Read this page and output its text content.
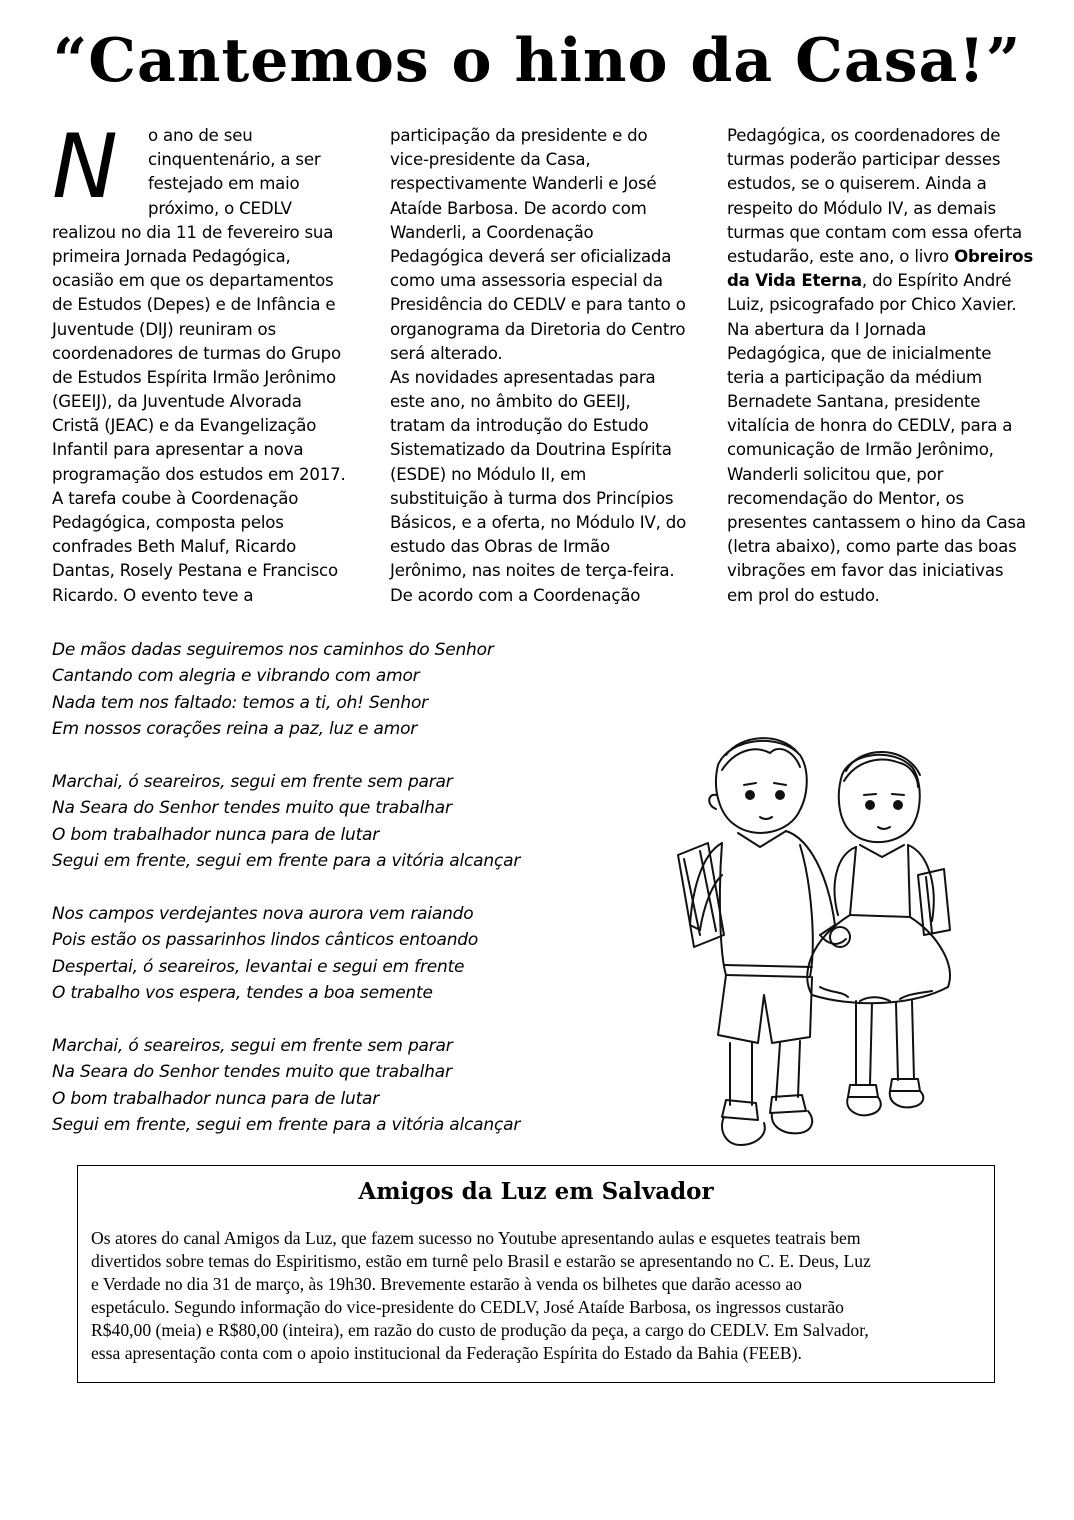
“Cantemos o hino da Casa!”
N	o ano de seu
cinquentenário, a ser
festejado em maio
próximo, o CEDLV
realizou no dia 11 de fevereiro sua
primeira Jornada Pedagógica,
ocasião em que os departamentos
de Estudos (Depes) e de Infância e
Juventude (DIJ) reuniram os
coordenadores de turmas do Grupo
de Estudos Espírita Irmão Jerônimo
(GEEIJ), da Juventude Alvorada
Cristã (JEAC) e da Evangelização
Infantil para apresentar a nova
programação dos estudos em 2017.
A tarefa coube à Coordenação
Pedagógica, composta pelos
confrades Beth Maluf, Ricardo
Dantas, Rosely Pestana e Francisco
Ricardo. O evento teve a
participação da presidente e do
vice-presidente da Casa,
respectivamente Wanderli e José
Ataíde Barbosa. De acordo com
Wanderli, a Coordenação
Pedagógica deverá ser oficializada
como uma assessoria especial da
Presidência do CEDLV e para tanto o
organograma da Diretoria do Centro
será alterado.
As novidades apresentadas para
este ano, no âmbito do GEEIJ,
tratam da introdução do Estudo
Sistematizado da Doutrina Espírita
(ESDE) no Módulo II, em
substituição à turma dos Princípios
Básicos, e a oferta, no Módulo IV, do
estudo das Obras de Irmão
Jerônimo, nas noites de terça-feira.
De acordo com a Coordenação
Pedagógica, os coordenadores de
turmas poderão participar desses
estudos, se o quiserem. Ainda a
respeito do Módulo IV, as demais
turmas que contam com essa oferta
estudarão, este ano, o livro Obreiros
da Vida Eterna, do Espírito André
Luiz, psicografado por Chico Xavier.
Na abertura da I Jornada
Pedagógica, que de inicialmente
teria a participação da médium
Bernadete Santana, presidente
vitalícia de honra do CEDLV, para a
comunicação de Irmão Jerônimo,
Wanderli solicitou que, por
recomendação do Mentor, os
presentes cantassem o hino da Casa
(letra abaixo), como parte das boas
vibrações em favor das iniciativas
em prol do estudo.
De mãos dadas seguiremos nos caminhos do Senhor
Cantando com alegria e vibrando com amor
Nada tem nos faltado: temos a ti, oh! Senhor
Em nossos corações reina a paz, luz e amor
Marchai, ó seareiros, segui em frente sem parar
Na Seara do Senhor tendes muito que trabalhar
O bom trabalhador nunca para de lutar
Segui em frente, segui em frente para a vitória alcançar
Nos campos verdejantes nova aurora vem raiando
Pois estão os passarinhos lindos cânticos entoando
Despertai, ó seareiros, levantai e segui em frente
O trabalho vos espera, tendes a boa semente
Marchai, ó seareiros, segui em frente sem parar
Na Seara do Senhor tendes muito que trabalhar
O bom trabalhador nunca para de lutar
Segui em frente, segui em frente para a vitória alcançar
Amigos da Luz em Salvador
Os atores do canal Amigos da Luz, que fazem sucesso no Youtube apresentando aulas e esquetes teatrais bem
divertidos sobre temas do Espiritismo, estão em turnê pelo Brasil e estarão se apresentando no C. E. Deus, Luz
e Verdade no dia 31 de março, às 19h30. Brevemente estarão à venda os bilhetes que darão acesso ao
espetáculo. Segundo informação do vice-presidente do CEDLV, José Ataíde Barbosa, os ingressos custarão
R$40,00 (meia) e R$80,00 (inteira), em razão do custo de produção da peça, a cargo do CEDLV. Em Salvador,
essa apresentação conta com o apoio institucional da Federação Espírita do Estado da Bahia (FEEB).
